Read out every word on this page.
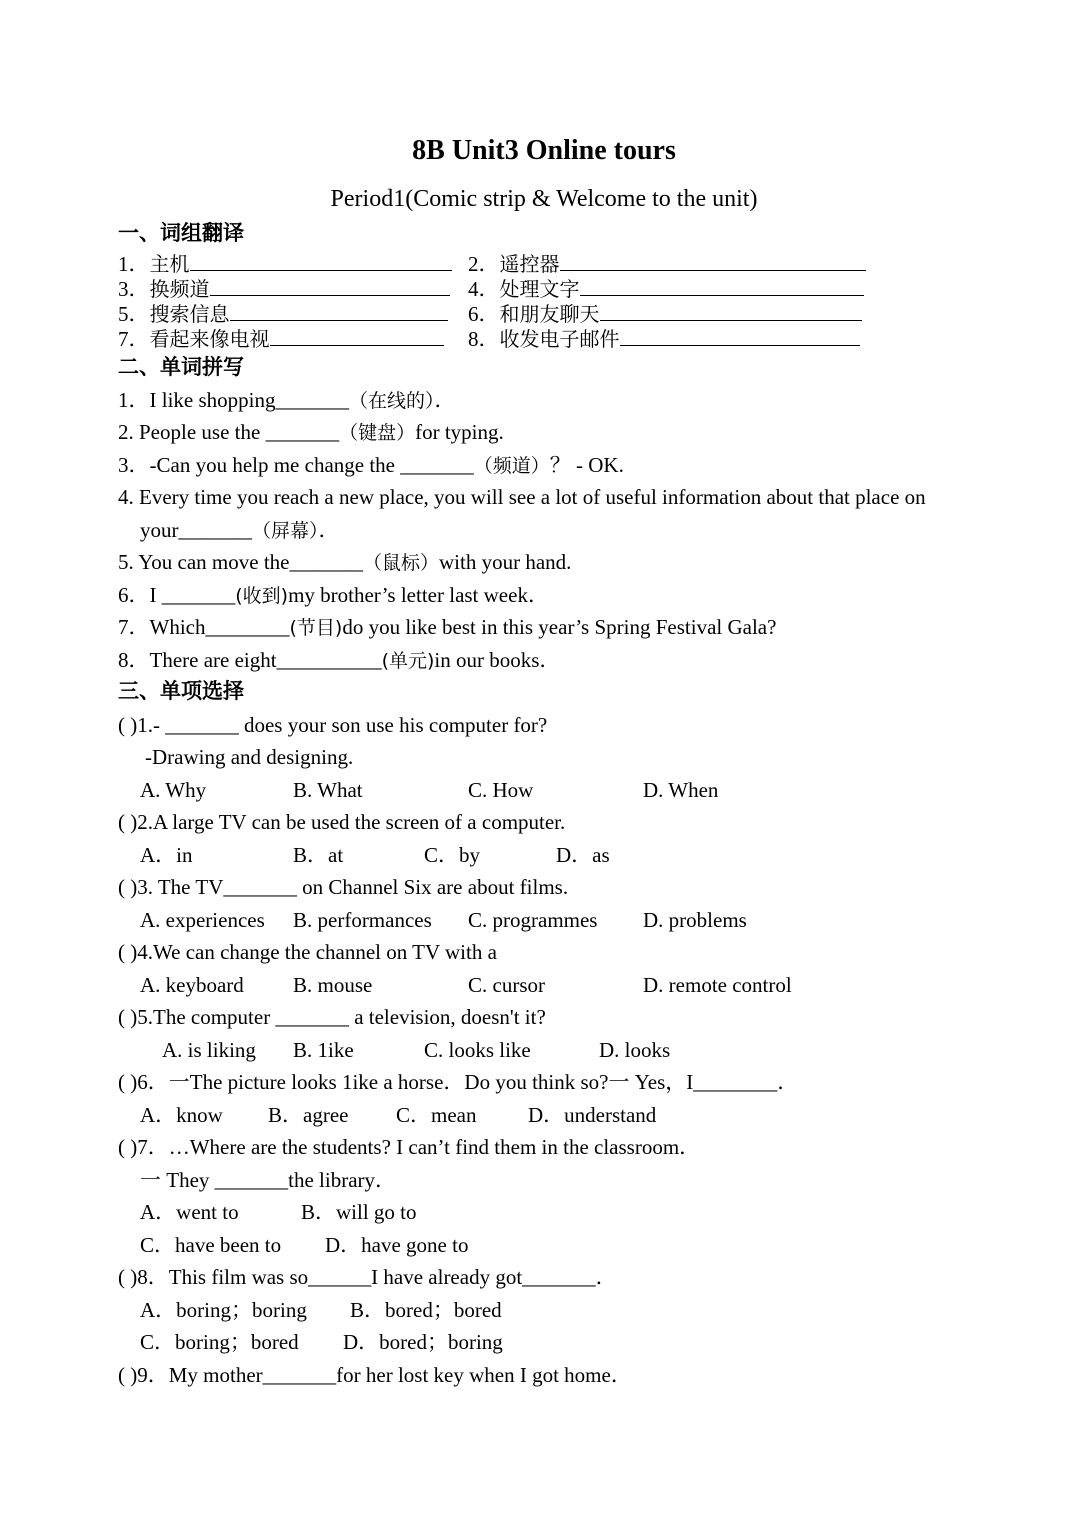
8B Unit3 Online tours
Period1(Comic strip & Welcome to the unit)
一、词组翻译
1．主机	2．遥控器
3．换频道	4．处理文字
5．搜索信息	6．和朋友聊天
7．看起来像电视	8．收发电子邮件
二、单词拼写
1．I like shopping_______（在线的）．
2. People use the _______（键盘）for typing.
3．-Can you help me change the _______（频道）？ - OK.
4. Every time you reach a new place, you will see a lot of useful information about that place on
your_______（屏幕）．
5. You can move the_______（鼠标）with your hand.
6．I _______(收到)my brother’s letter last week．
7．Which________(节目)do you like best in this year’s Spring Festival Gala?
8．There are eight__________(单元)in our books．
三、单项选择
( )1.- _______ does your son use his computer for?
-Drawing and designing.
A. Why	B. What	C. How	D. When
( )2.A large TV can be used the screen of a computer.
A．in	B．at	C．by	D．as
( )3. The TV_______ on Channel Six are about films.
A. experiences B. performances C. programmes D. problems
( )4.We can change the channel on TV with a
A. keyboard B. mouse	C. cursor	D. remote control
( )5.The computer _______ a television, doesn't it?
A. is liking B. 1ike	C. looks like	D. looks
( )6．一The picture looks 1ike a horse．Do you think so?一 Yes，I________．
A．know B．agree C．mean D．understand
( )7．…Where are the students? I can’t find them in the classroom．
一 They _______the library．
A．went to	B．will go to
C．have been to D．have gone to
( )8．This film was so______I have already got_______．
A．boring；boring B．bored；bored
C．boring；bored D．bored；boring
( )9．My mother_______for her lost key when I got home．
